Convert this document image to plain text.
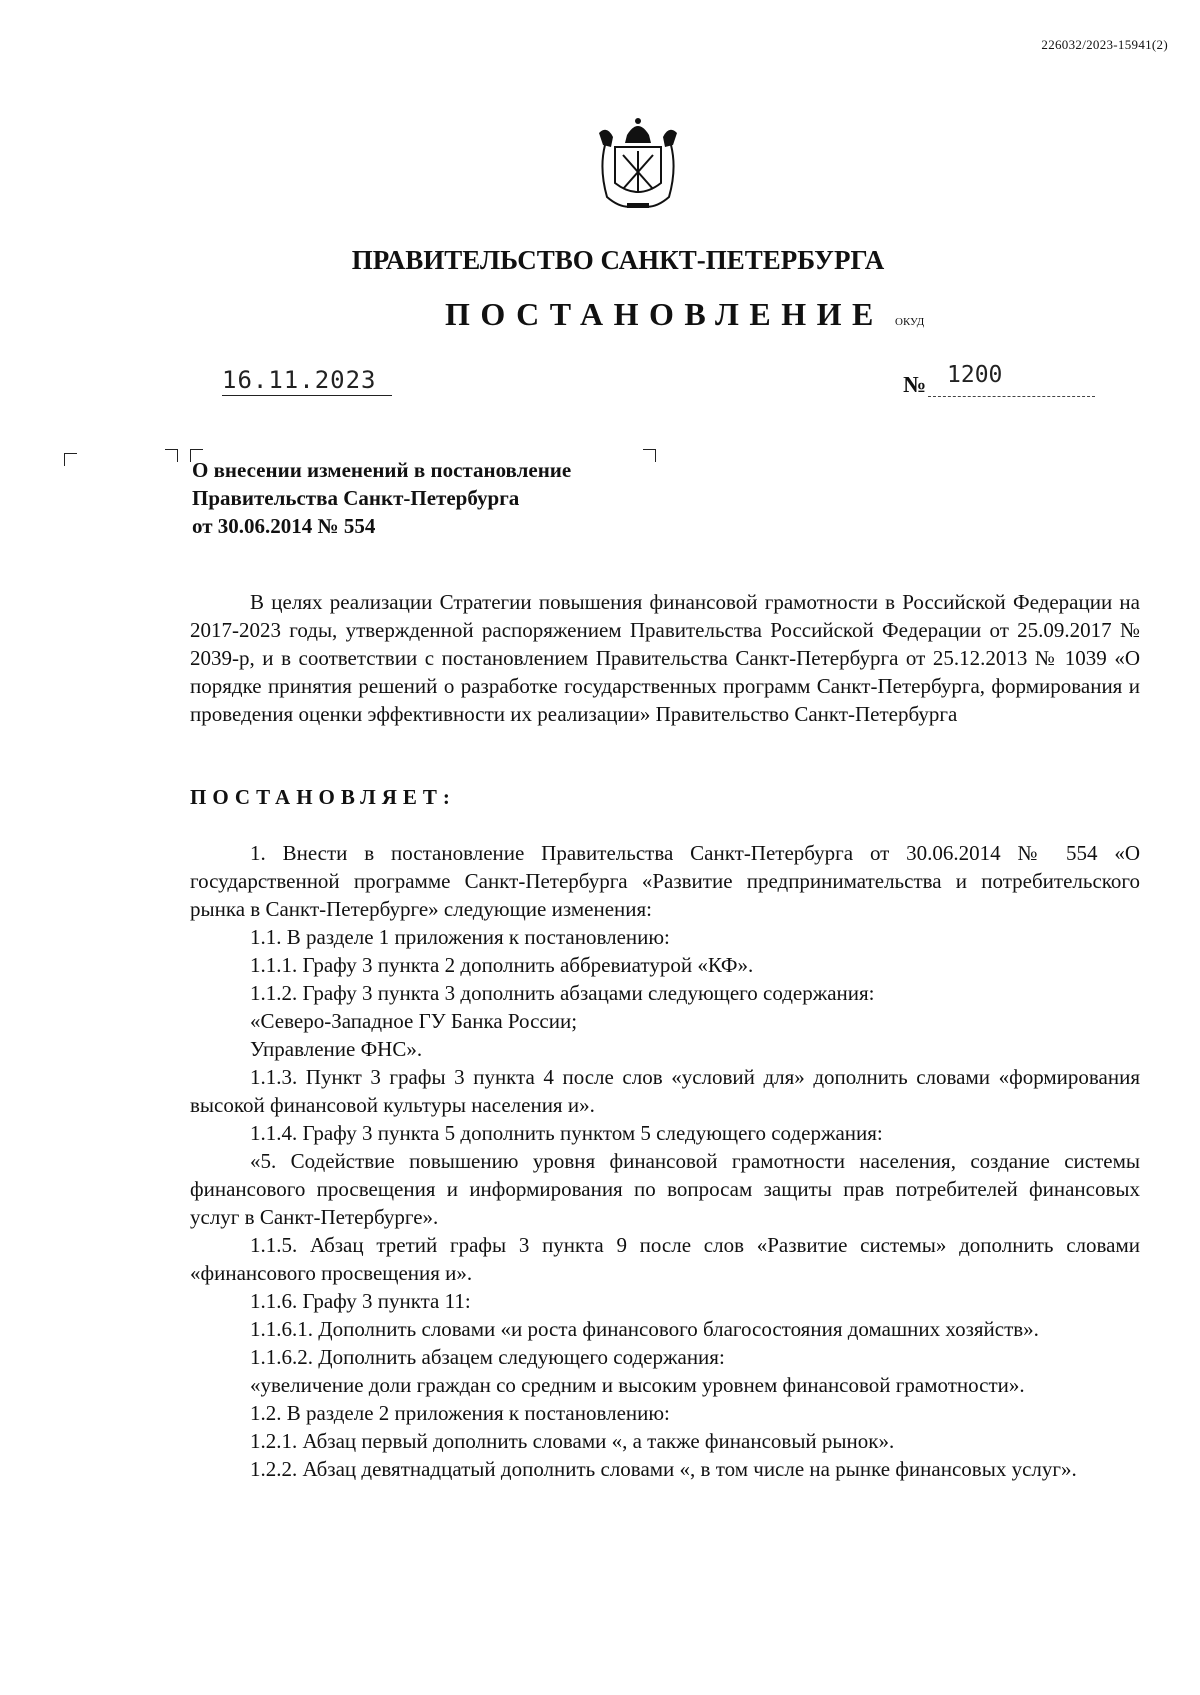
226032/2023-15941(2)
ПРАВИТЕЛЬСТВО САНКТ-ПЕТЕРБУРГА
ПОСТАНОВЛЕНИЕ ОКУД
16.11.2023	№ 1200
О внесении изменений в постановление
Правительства Санкт-Петербурга
от 30.06.2014 № 554

В целях реализации Стратегии повышения финансовой грамотности в Российской Федерации на 2017-2023 годы, утвержденной распоряжением Правительства Российской Федерации от 25.09.2017 № 2039-р, и в соответствии с постановлением Правительства Санкт-Петербурга от 25.12.2013 № 1039 «О порядке принятия решений о разработке государственных программ Санкт-Петербурга, формирования и проведения оценки эффективности их реализации» Правительство Санкт-Петербурга

ПОСТАНОВЛЯЕТ:

1. Внести в постановление Правительства Санкт-Петербурга от 30.06.2014 № 554 «О государственной программе Санкт-Петербурга «Развитие предпринимательства и потребительского рынка в Санкт-Петербурге» следующие изменения:

1.1. В разделе 1 приложения к постановлению:

1.1.1. Графу 3 пункта 2 дополнить аббревиатурой «КФ».

1.1.2. Графу 3 пункта 3 дополнить абзацами следующего содержания:

«Северо-Западное ГУ Банка России;

Управление ФНС».

1.1.3. Пункт 3 графы 3 пункта 4 после слов «условий для» дополнить словами «формирования высокой финансовой культуры населения и».

1.1.4. Графу 3 пункта 5 дополнить пунктом 5 следующего содержания:

«5. Содействие повышению уровня финансовой грамотности населения, создание системы финансового просвещения и информирования по вопросам защиты прав потребителей финансовых услуг в Санкт-Петербурге».

1.1.5. Абзац третий графы 3 пункта 9 после слов «Развитие системы» дополнить словами «финансового просвещения и».

1.1.6. Графу 3 пункта 11:

1.1.6.1. Дополнить словами «и роста финансового благосостояния домашних хозяйств».

1.1.6.2. Дополнить абзацем следующего содержания:

«увеличение доли граждан со средним и высоким уровнем финансовой грамотности».

1.2. В разделе 2 приложения к постановлению:

1.2.1. Абзац первый дополнить словами «, а также финансовый рынок».

1.2.2. Абзац девятнадцатый дополнить словами «, в том числе на рынке финансовых услуг».
